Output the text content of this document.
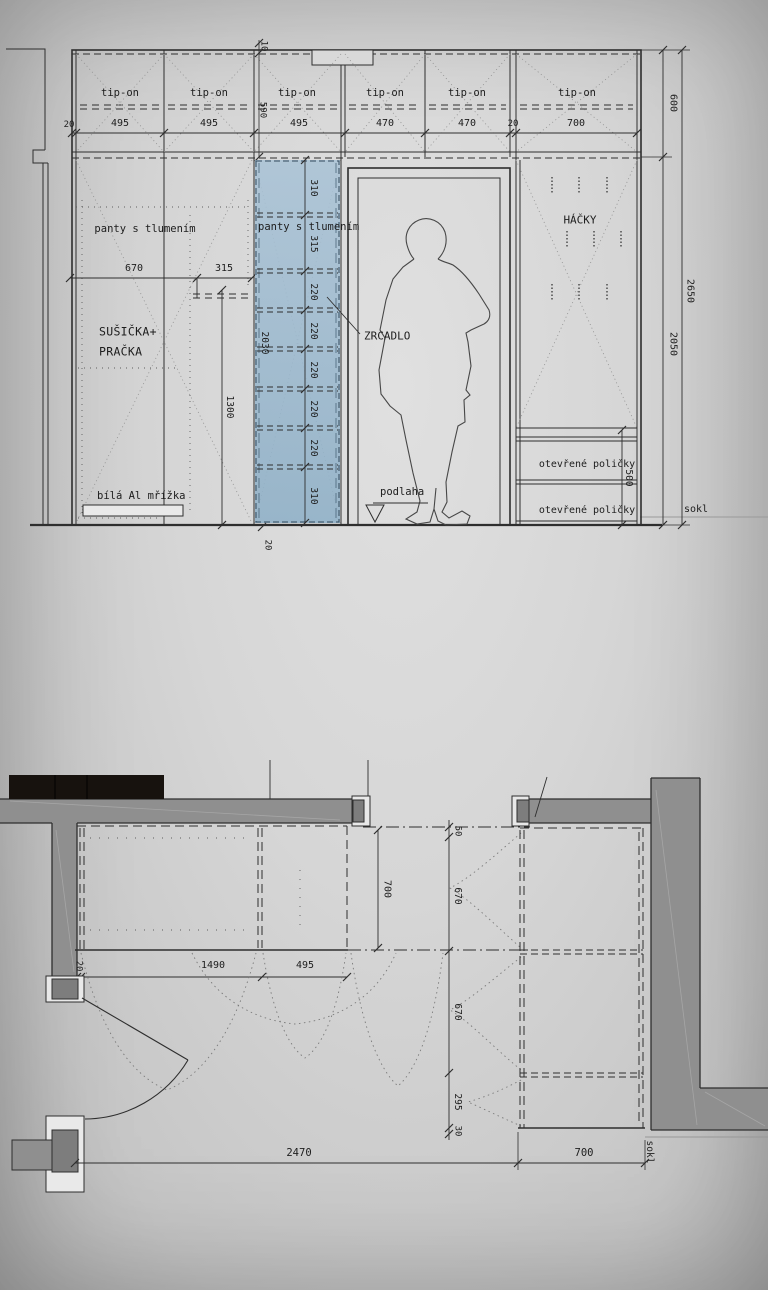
tip-on	tip-on	tip-on	tip-on	tip-on	tip-on
20	495	495	495	470	470	20	700
10
590
panty s tlumením
670	315
SUŠIČKA+
PRAČKA
1300
bílá Al mřížka
panty s tlumením
310
315
220
220
220
220
220
310
2030
20
ZRCADLO
podlaha
HÁČKY
otevřené poličky
otevřené poličky
500
sokl
600
2050
2650
700
50
670
670
295
30
20	1490	495
2470	700	sokl
